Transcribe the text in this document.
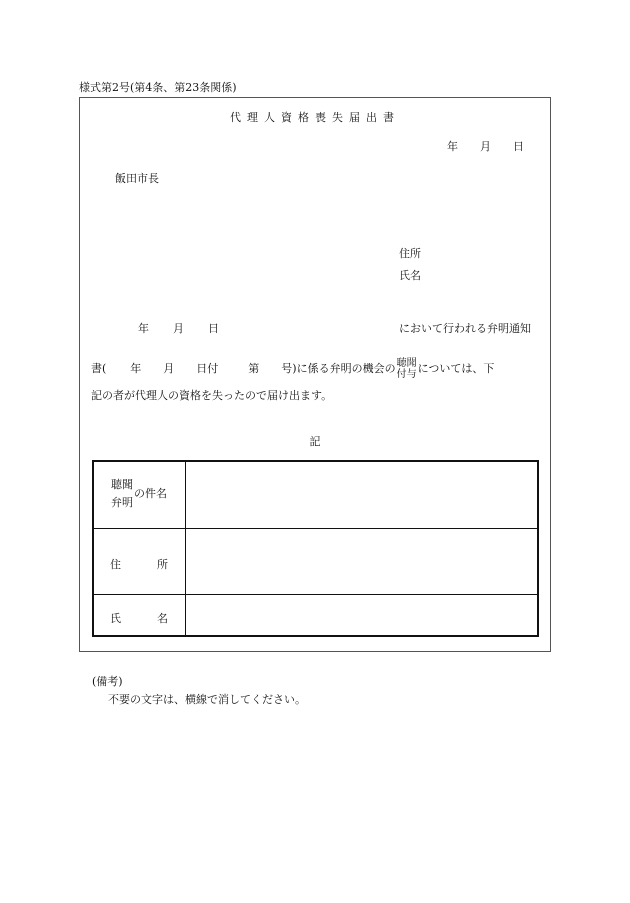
様式第2号(第4条、第23条関係)
代理人資格喪失届出書
年 月 日
飯田市長
住所
氏名
年 月 日	において行われる弁明通知
書( 年 月 日付	第 号)に係る弁明の機会の 聴聞
付与 については、下
記の者が代理人の資格を失ったので届け出ます。
記
聴聞
弁明
の件名
住	所
氏	名
(備考)
不要の文字は、横線で消してください。
